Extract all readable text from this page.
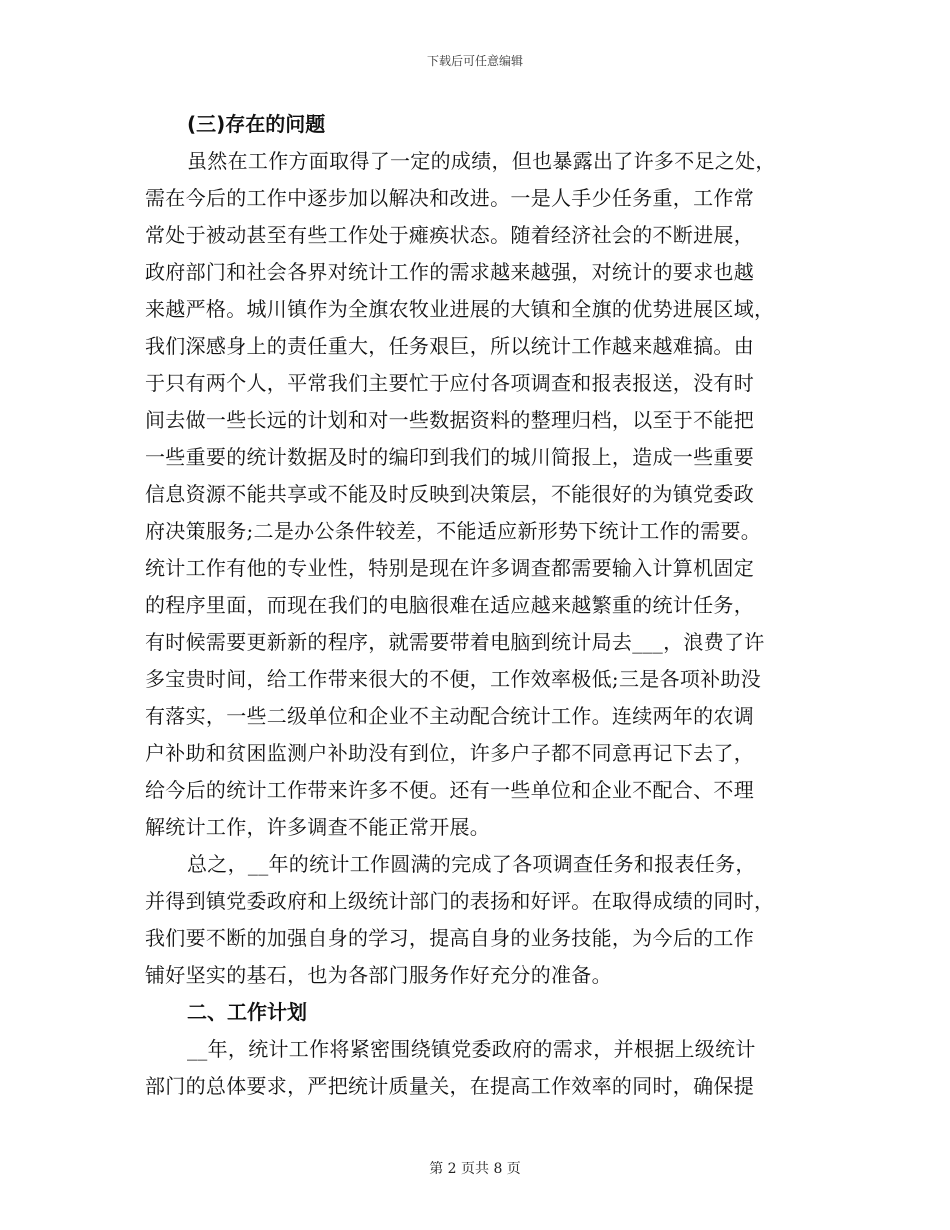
下载后可任意编辑
(三)存在的问题
虽然在工作方面取得了一定的成绩，但也暴露出了许多不足之处，
需在今后的工作中逐步加以解决和改进。一是人手少任务重，工作常
常处于被动甚至有些工作处于瘫痪状态。随着经济社会的不断进展，
政府部门和社会各界对统计工作的需求越来越强，对统计的要求也越
来越严格。城川镇作为全旗农牧业进展的大镇和全旗的优势进展区域，
我们深感身上的责任重大，任务艰巨，所以统计工作越来越难搞。由
于只有两个人，平常我们主要忙于应付各项调查和报表报送，没有时
间去做一些长远的计划和对一些数据资料的整理归档，以至于不能把
一些重要的统计数据及时的编印到我们的城川简报上，造成一些重要
信息资源不能共享或不能及时反映到决策层，不能很好的为镇党委政
府决策服务;二是办公条件较差，不能适应新形势下统计工作的需要。
统计工作有他的专业性，特别是现在许多调查都需要输入计算机固定
的程序里面，而现在我们的电脑很难在适应越来越繁重的统计任务，
有时候需要更新新的程序，就需要带着电脑到统计局去___，浪费了许
多宝贵时间，给工作带来很大的不便，工作效率极低;三是各项补助没
有落实，一些二级单位和企业不主动配合统计工作。连续两年的农调
户补助和贫困监测户补助没有到位，许多户子都不同意再记下去了，
给今后的统计工作带来许多不便。还有一些单位和企业不配合、不理
解统计工作，许多调查不能正常开展。
总之，__年的统计工作圆满的完成了各项调查任务和报表任务，
并得到镇党委政府和上级统计部门的表扬和好评。在取得成绩的同时，
我们要不断的加强自身的学习，提高自身的业务技能，为今后的工作
铺好坚实的基石，也为各部门服务作好充分的准备。
二、工作计划
__年，统计工作将紧密围绕镇党委政府的需求，并根据上级统计
部门的总体要求，严把统计质量关，在提高工作效率的同时，确保提
第 2 页共 8 页
